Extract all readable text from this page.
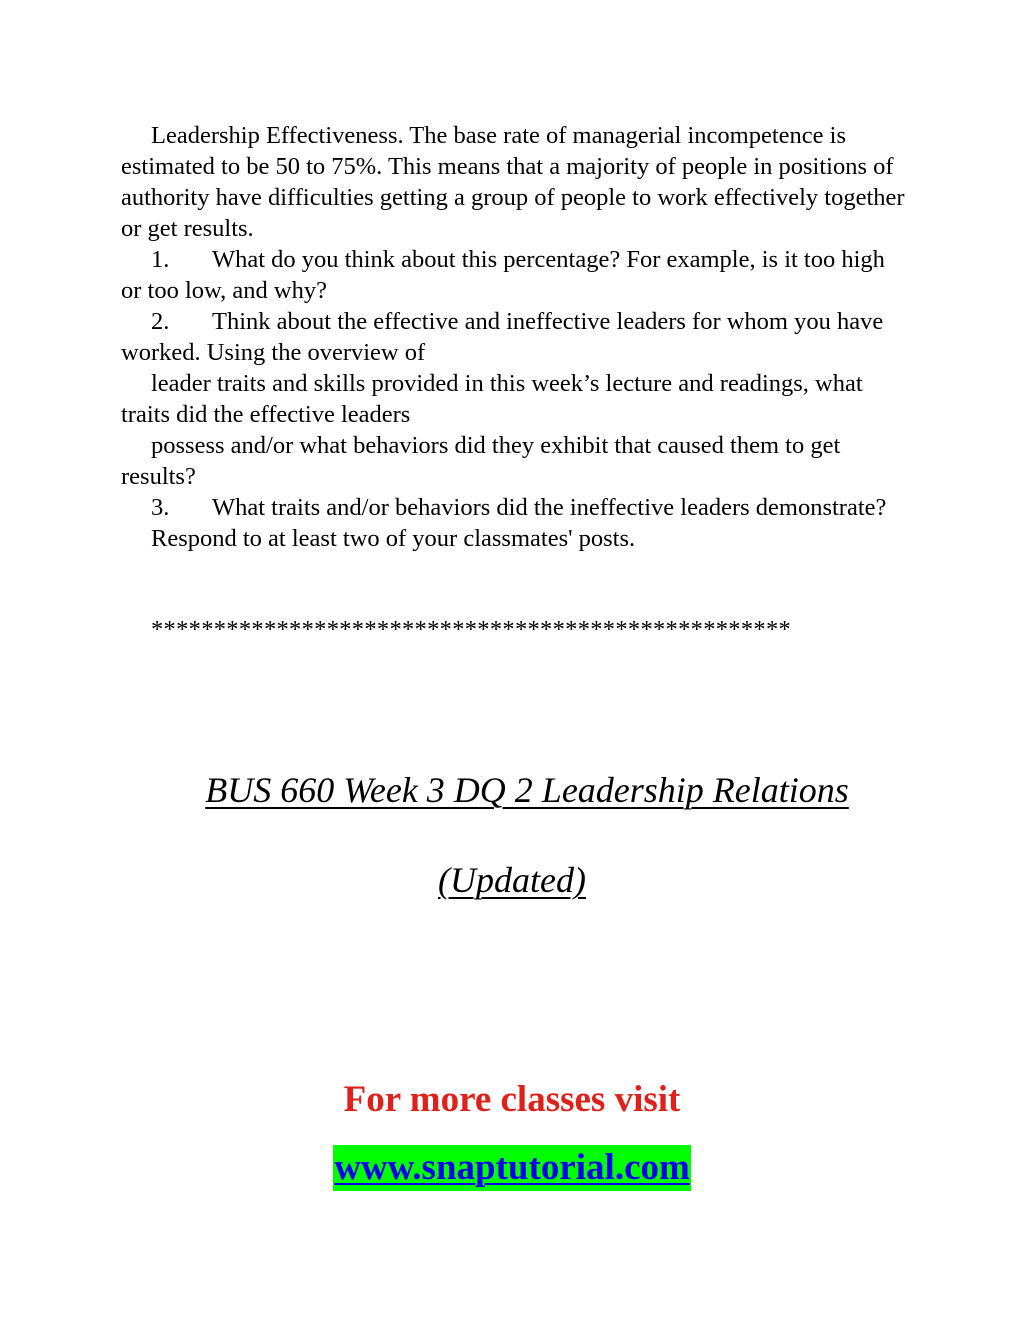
Leadership Effectiveness. The base rate of managerial incompetence is estimated to be 50 to 75%. This means that a majority of people in positions of authority have difficulties getting a group of people to work effectively together or get results.

1. What do you think about this percentage? For example, is it too high or too low, and why?

2. Think about the effective and ineffective leaders for whom you have worked. Using the overview of

leader traits and skills provided in this week’s lecture and readings, what traits did the effective leaders

possess and/or what behaviors did they exhibit that caused them to get results?

3. What traits and/or behaviors did the ineffective leaders demonstrate?

Respond to at least two of your classmates' posts.

***************************************************
BUS 660 Week 3 DQ 2 Leadership Relations
(Updated)
For more classes visit
www.snaptutorial.com
